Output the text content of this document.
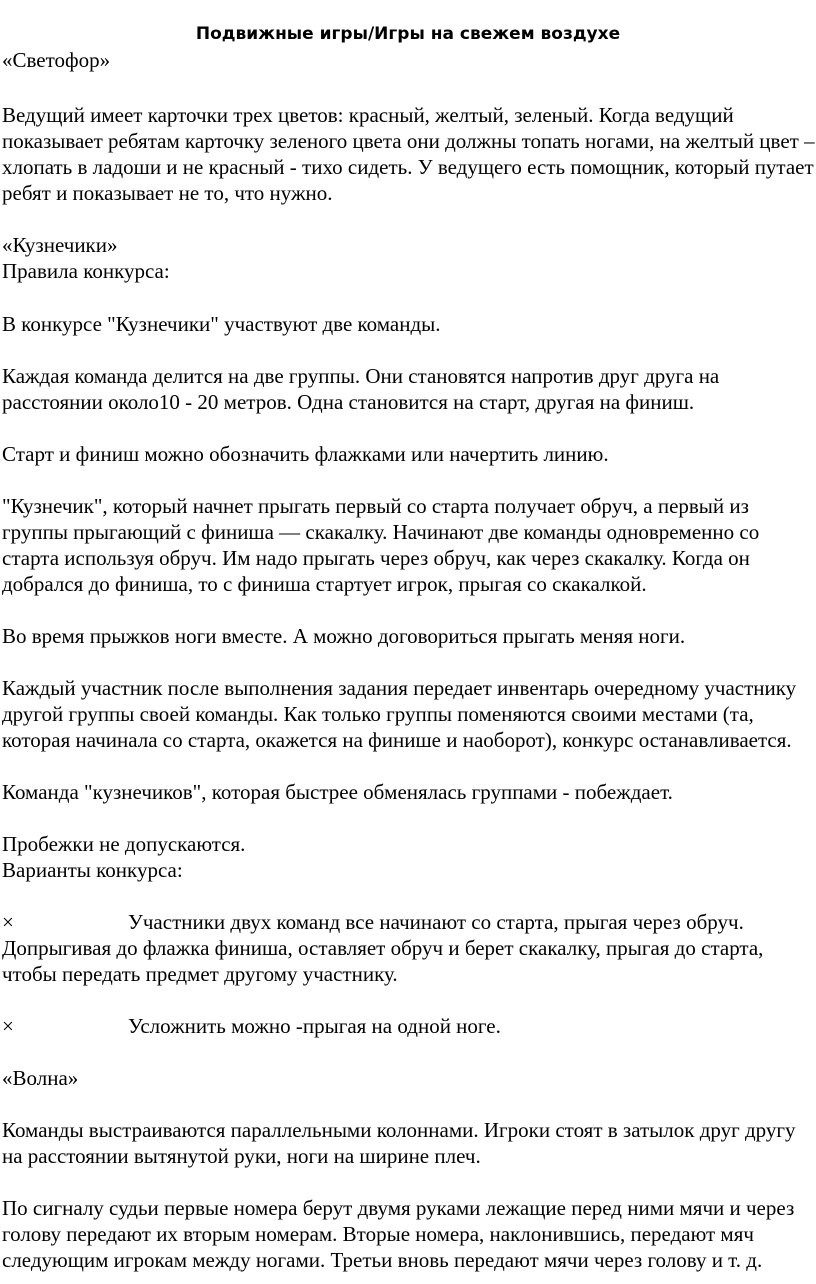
Подвижные игры/Игры на свежем воздухе
«Светофор»
Ведущий имеет карточки трех цветов: красный, желтый, зеленый. Когда ведущий
показывает ребятам карточку зеленого цвета они должны топать ногами, на желтый цвет –
хлопать в ладоши и не красный - тихо сидеть. У ведущего есть помощник, который путает
ребят и показывает не то, что нужно.
«Кузнечики»
Правила конкурса:
В конкурсе "Кузнечики" участвуют две команды.
Каждая команда делится на две группы. Они становятся напротив друг друга на
расстоянии около10 - 20 метров. Одна становится на старт, другая на финиш.
Старт и финиш можно обозначить флажками или начертить линию.
"Кузнечик", который начнет прыгать первый со старта получает обруч, а первый из
группы прыгающий с финиша — скакалку. Начинают две команды одновременно со
старта используя обруч. Им надо прыгать через обруч, как через скакалку. Когда он
добрался до финиша, то с финиша стартует игрок, прыгая со скакалкой.
Во время прыжков ноги вместе. А можно договориться прыгать меняя ноги.
Каждый участник после выполнения задания передает инвентарь очередному участнику
другой группы своей команды. Как только группы поменяются своими местами (та,
которая начинала со старта, окажется на финише и наоборот), конкурс останавливается.
Команда "кузнечиков", которая быстрее обменялась группами - побеждает.
Пробежки не допускаются.
Варианты конкурса:
×	Участники двух команд все начинают со старта, прыгая через обруч.
Допрыгивая до флажка финиша, оставляет обруч и берет скакалку, прыгая до старта,
чтобы передать предмет другому участнику.
×	Усложнить можно -прыгая на одной ноге.
«Волна»
Команды выстраиваются параллельными колоннами. Игроки стоят в затылок друг другу
на расстоянии вытянутой руки, ноги на ширине плеч.
По сигналу судьи первые номера берут двумя руками лежащие перед ними мячи и через
голову передают их вторым номерам. Вторые номера, наклонившись, передают мяч
следующим игрокам между ногами. Третьи вновь передают мячи через голову и т. д.
